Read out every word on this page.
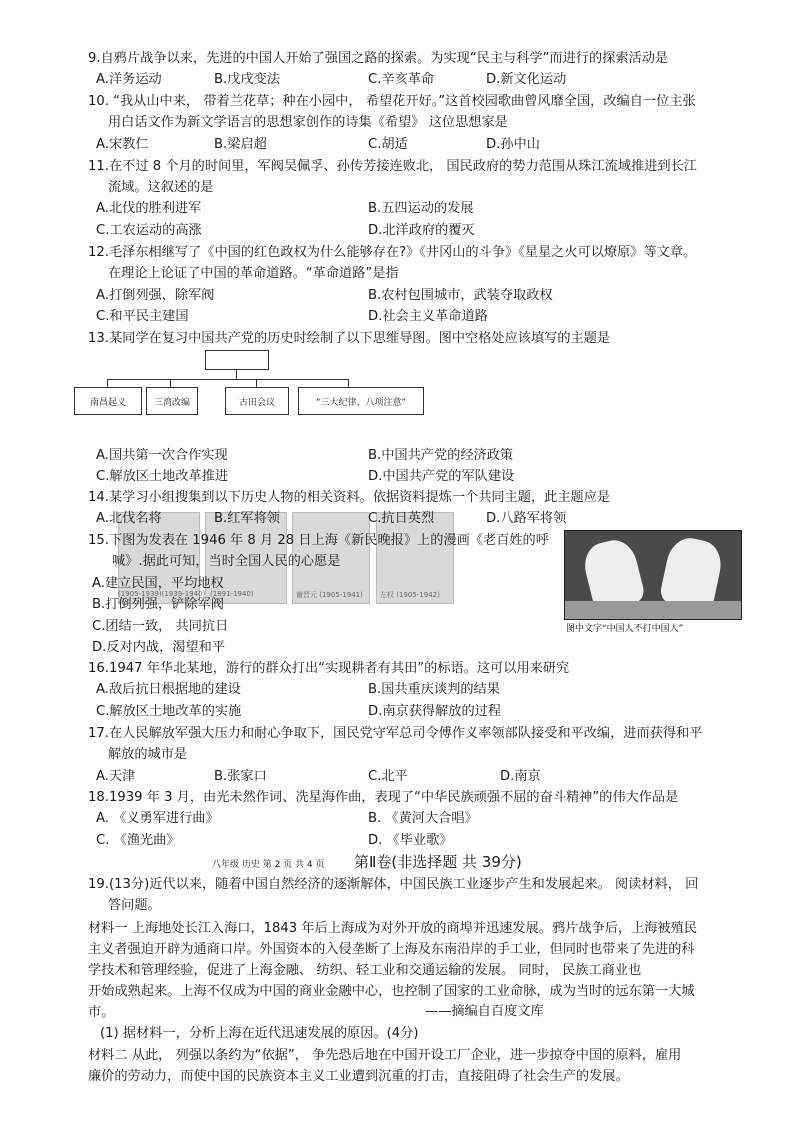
9.自鸦片战争以来，先进的中国人开始了强国之路的探索。为实现“民主与科学”而进行的探索活动是
A.洋务运动	B.戊戌变法	C.辛亥革命	D.新文化运动
10. “我从山中来， 带着兰花草；种在小园中， 希望花开好。”这首校园歌曲曾风靡全国，改编自一位主张
用白话文作为新文学语言的思想家创作的诗集《希望》 这位思想家是
A.宋教仁	B.梁启超	C.胡适	D.孙中山
11.在不过 8 个月的时间里，军阀吴佩孚、孙传芳接连败北， 国民政府的势力范围从珠江流域推进到长江
流域。这叙述的是
A.北伐的胜利进军	B.五四运动的发展
C.工农运动的高涨	D.北洋政府的覆灭
12.毛泽东相继写了《中国的红色政权为什么能够存在?》《井冈山的斗争》《星星之火可以燎原》等文章。
在理论上论证了中国的革命道路。“革命道路”是指
A.打倒列强，除军阀	B.农村包围城市，武装夺取政权
C.和平民主建国	D.社会主义革命道路
13.某同学在复习中国共产党的历史时绘制了以下思维导图。图中空格处应该填写的主题是
南昌起义	三湾改编	古田会议	“三大纪律、八项注意”
A.国共第一次合作实现	B.中国共产党的经济政策
C.解放区土地改革推进	D.中国共产党的军队建设
14.某学习小组搜集到以下历史人物的相关资料。依据资料提炼一个共同主题，此主题应是
(1905-1939)(1939-1940) (1891-1940)	谢晋元 (1905-1941) 左权 (1905-1942)
A.北伐名将	B.红军将领	C.抗日英烈	D.八路军将领
15.下图为发表在 1946 年 8 月 28 日上海《新民晚报》上的漫画《老百姓的呼
喊》.据此可知，当时全国人民的心愿是
A.建立民国，平均地权
B.打倒列强，铲除军阀
C.团结一致， 共同抗日
D.反对内战，渴望和平
图中文字“中国人不打中国人”
16.1947 年华北某地，游行的群众打出“实现耕者有其田”的标语。这可以用来研究
A.敌后抗日根据地的建设	B.国共重庆谈判的结果
C.解放区土地改革的实施	D.南京获得解放的过程
17.在人民解放军强大压力和耐心争取下，国民党守军总司令傅作义率领部队接受和平改编，进而获得和平
解放的城市是
A.天津	B.张家口	C.北平	D.南京
18.1939 年 3 月，由光未然作词、冼星海作曲，表现了“中华民族顽强不屈的奋斗精神”的伟大作品是
A. 《义勇军进行曲》	B. 《黄河大合唱》
C. 《渔光曲》	D. 《毕业歌》
八年级 历史 第 2 页 共 4 页 第Ⅱ卷(非选择题 共 39分)
19.(13分)近代以来，随着中国自然经济的逐渐解体，中国民族工业逐步产生和发展起来。 阅读材料， 回
答问题。
材料一 上海地处长江入海口，1843 年后上海成为对外开放的商埠并迅速发展。鸦片战争后，上海被殖民
主义者强迫开辟为通商口岸。外国资本的入侵垄断了上海及东南沿岸的手工业，但同时也带来了先进的科
学技术和管理经验，促进了上海金融、 纺织、轻工业和交通运输的发展。 同时， 民族工商业也
开始成熟起来。上海不仅成为中国的商业金融中心，也控制了国家的工业命脉，成为当时的远东第一大城
市。	——摘编自百度文库
(1) 据材料一，分析上海在近代迅速发展的原因。(4分)
材料二 从此， 列强以条约为“依据”， 争先恐后地在中国开设工厂企业，进一步掠夺中国的原料，雇用
廉价的劳动力，而使中国的民族资本主义工业遭到沉重的打击，直接阻碍了社会生产的发展。
